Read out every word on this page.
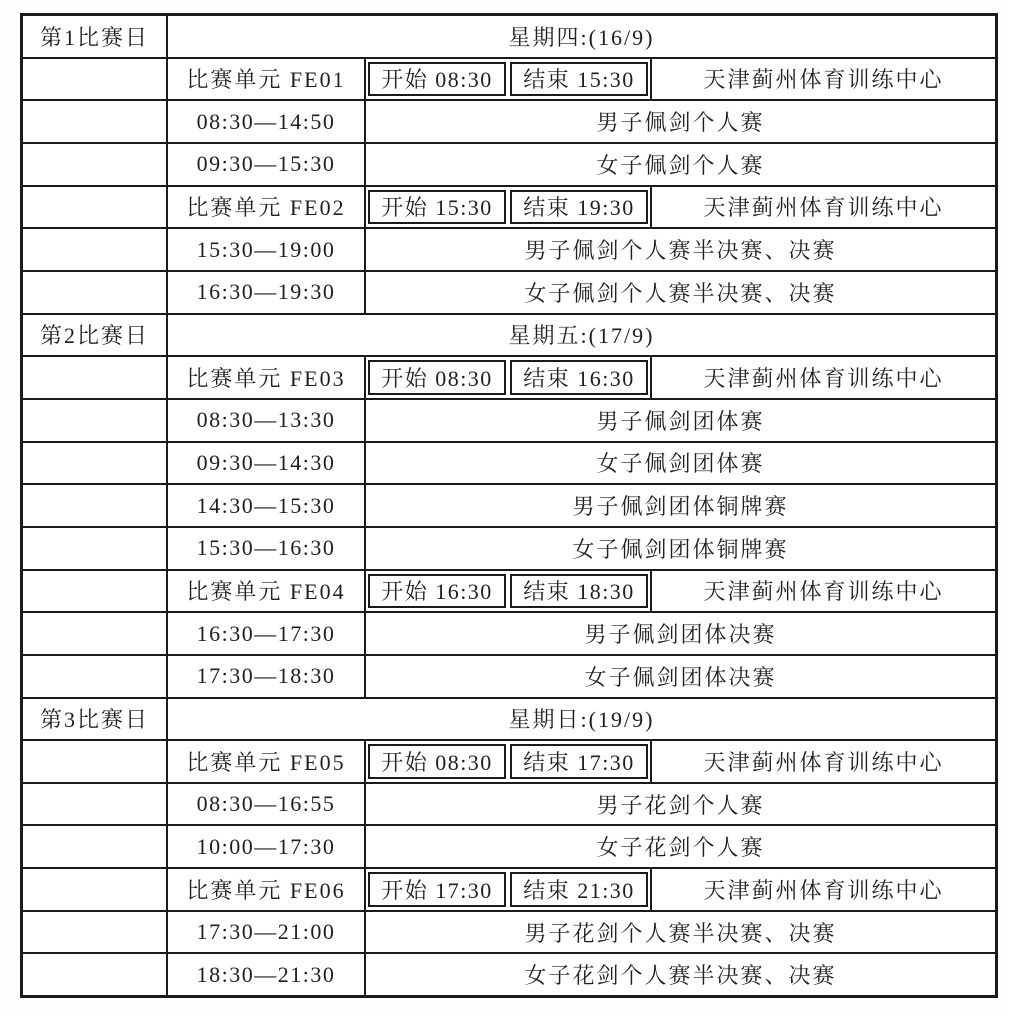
第1比赛日	星期四:(16/9)
比赛单元 FE01	开始 08:30	结束 15:30	天津蓟州体育训练中心
08:30—14:50	男子佩剑个人赛
09:30—15:30	女子佩剑个人赛
比赛单元 FE02	开始 15:30	结束 19:30	天津蓟州体育训练中心
15:30—19:00	男子佩剑个人赛半决赛、决赛
16:30—19:30	女子佩剑个人赛半决赛、决赛
第2比赛日	星期五:(17/9)
比赛单元 FE03	开始 08:30	结束 16:30	天津蓟州体育训练中心
08:30—13:30	男子佩剑团体赛
09:30—14:30	女子佩剑团体赛
14:30—15:30	男子佩剑团体铜牌赛
15:30—16:30	女子佩剑团体铜牌赛
比赛单元 FE04	开始 16:30	结束 18:30	天津蓟州体育训练中心
16:30—17:30	男子佩剑团体决赛
17:30—18:30	女子佩剑团体决赛
第3比赛日	星期日:(19/9)
比赛单元 FE05	开始 08:30	结束 17:30	天津蓟州体育训练中心
08:30—16:55	男子花剑个人赛
10:00—17:30	女子花剑个人赛
比赛单元 FE06	开始 17:30	结束 21:30	天津蓟州体育训练中心
17:30—21:00	男子花剑个人赛半决赛、决赛
18:30—21:30	女子花剑个人赛半决赛、决赛
